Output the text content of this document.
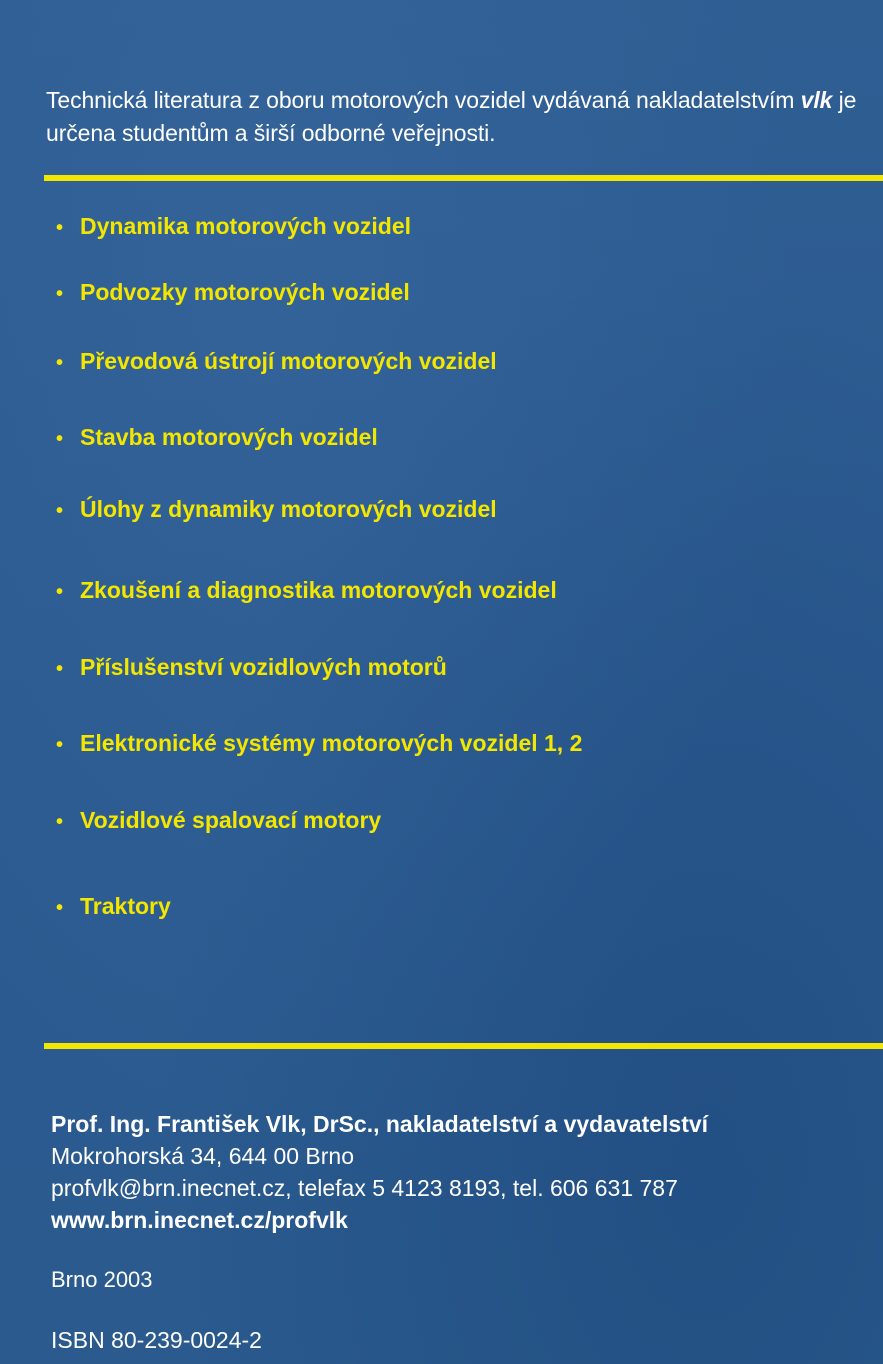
Technická literatura z oboru motorových vozidel vydávaná nakladatelstvím vlk je určena studentům a širší odborné veřejnosti.

• Dynamika motorových vozidel
• Podvozky motorových vozidel
• Převodová ústrojí motorových vozidel
• Stavba motorových vozidel
• Úlohy z dynamiky motorových vozidel
• Zkoušení a diagnostika motorových vozidel
• Příslušenství vozidlových motorů
• Elektronické systémy motorových vozidel 1, 2
• Vozidlové spalovací motory
• Traktory
Prof. Ing. František Vlk, DrSc., nakladatelství a vydavatelství
Mokrohorská 34, 644 00 Brno
profvlk@brn.inecnet.cz, telefax 5 4123 8193, tel. 606 631 787
www.brn.inecnet.cz/profvlk
Brno 2003
ISBN 80-239-0024-2
